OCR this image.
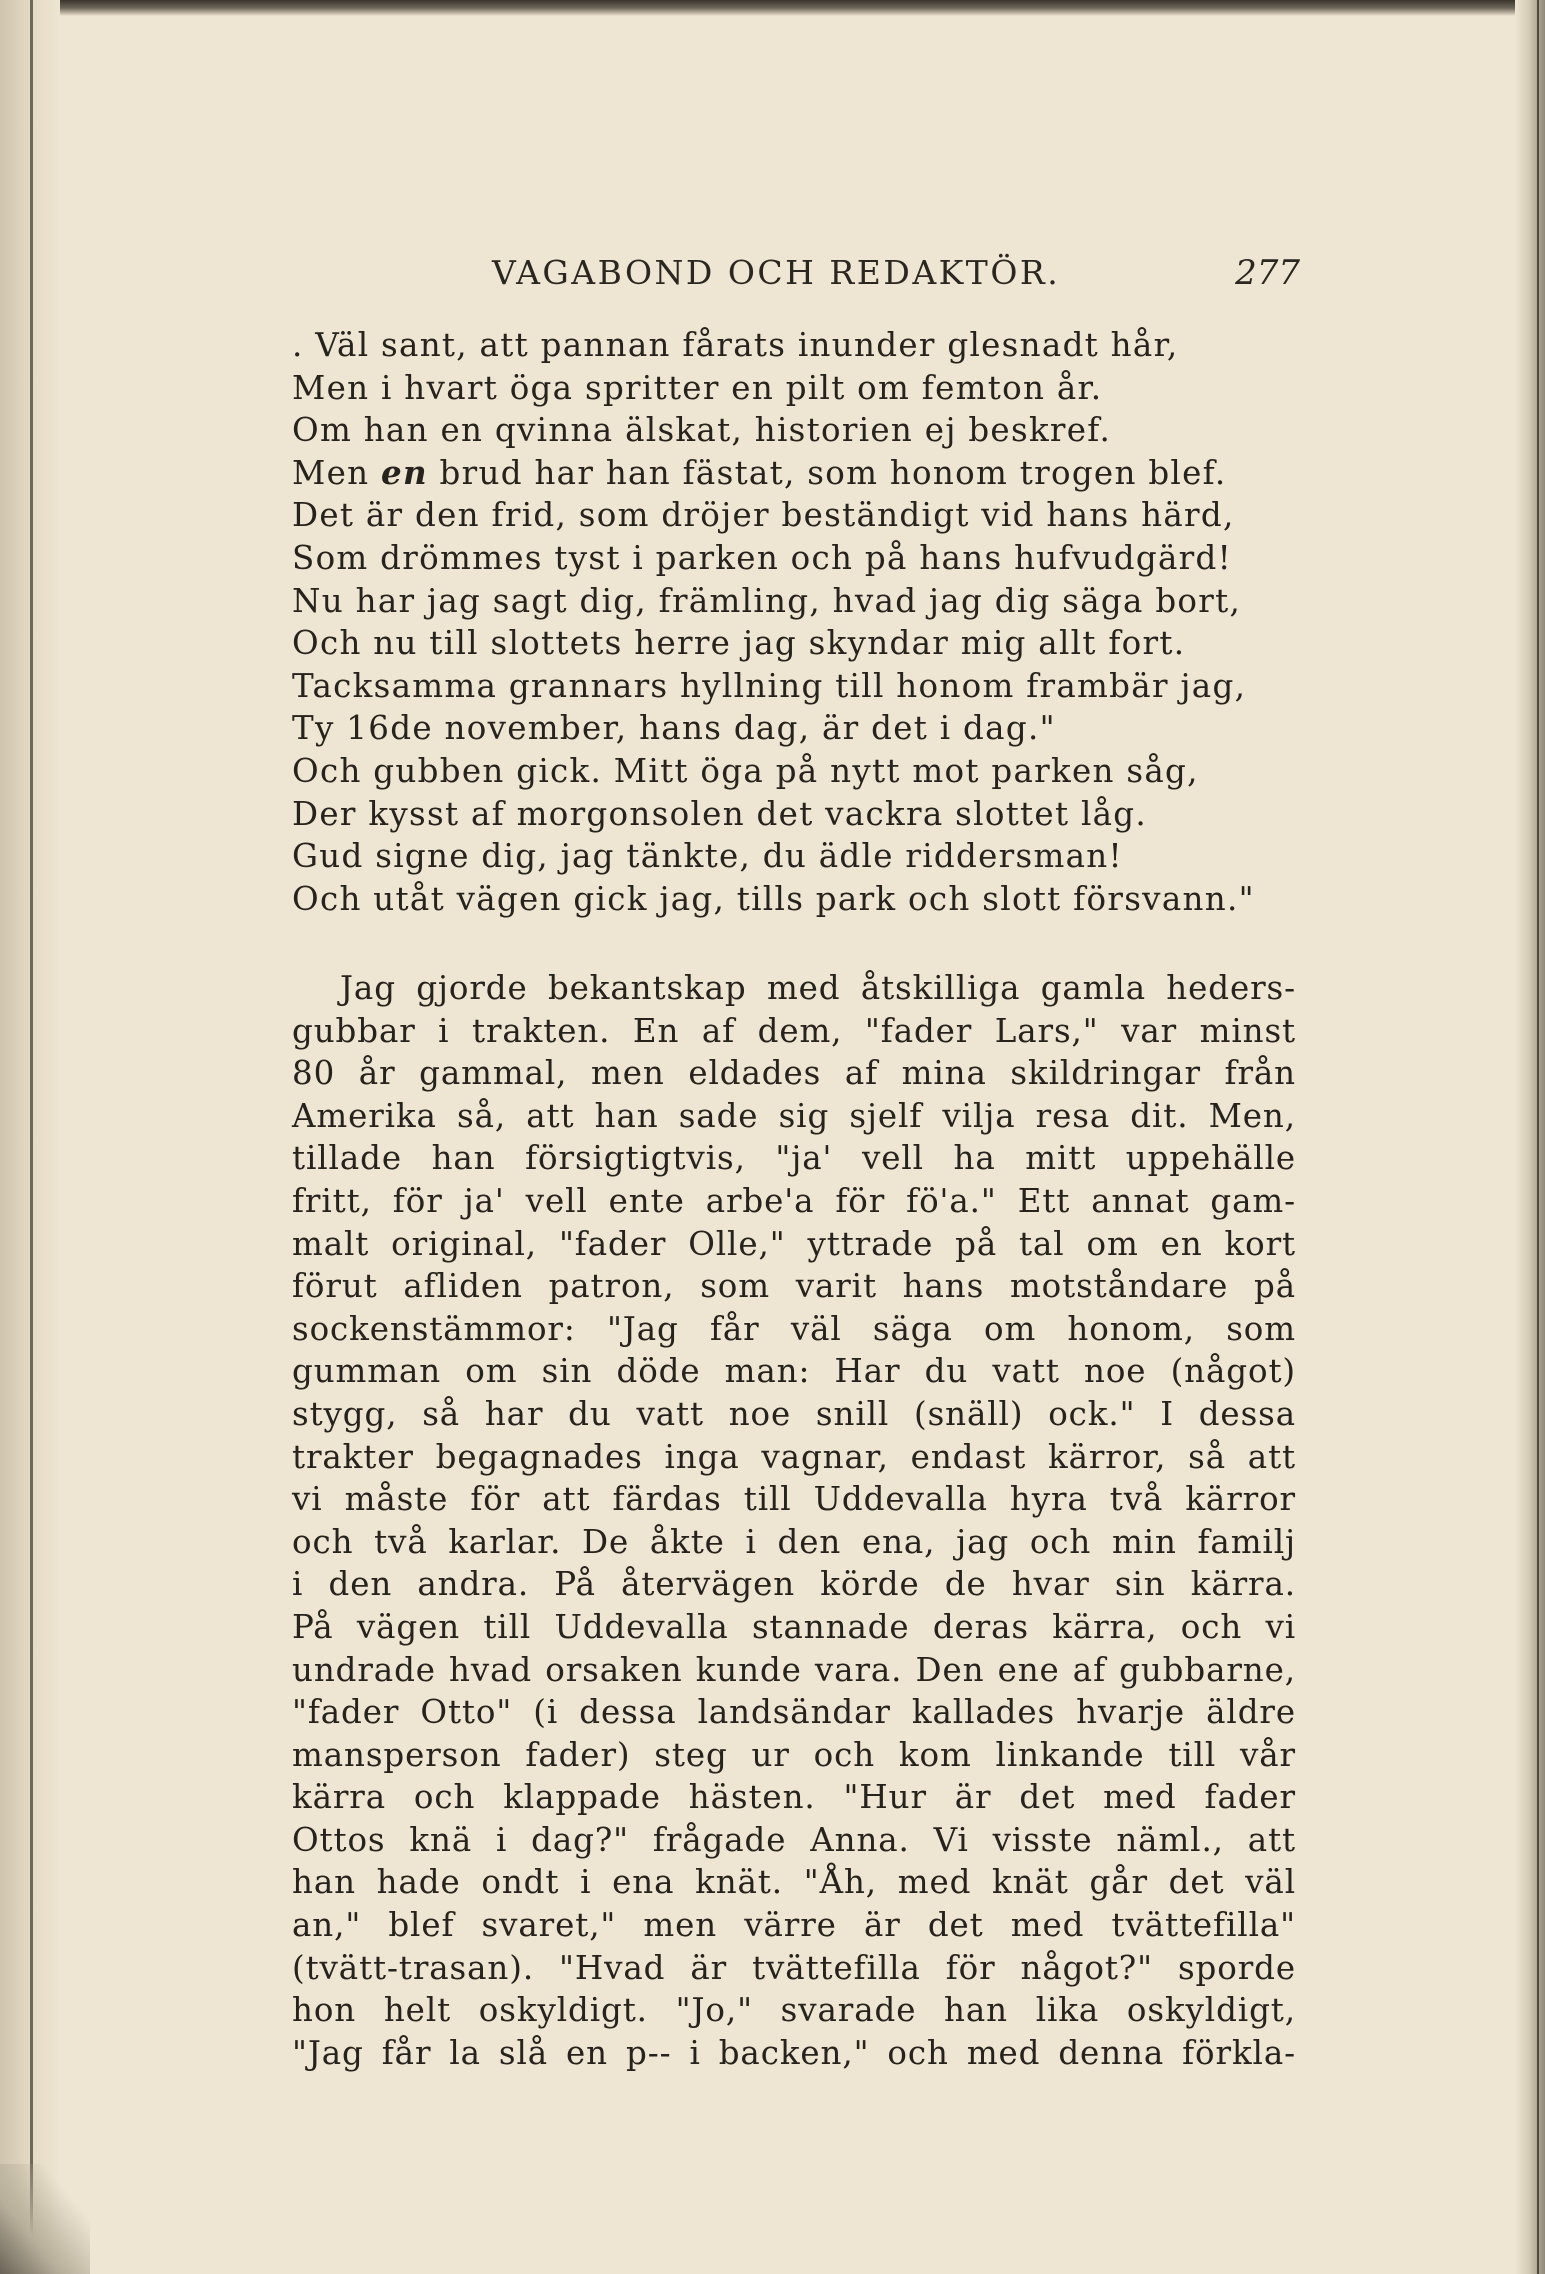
VAGABOND OCH REDAKTÖR.	277
. Väl sant, att pannan fårats inunder glesnadt hår,
Men i hvart öga spritter en pilt om femton år.
Om han en qvinna älskat, historien ej beskref.
Men en brud har han fästat, som honom trogen blef.
Det är den frid, som dröjer beständigt vid hans härd,
Som drömmes tyst i parken och på hans hufvudgärd!
Nu har jag sagt dig, främling, hvad jag dig säga bort,
Och nu till slottets herre jag skyndar mig allt fort.
Tacksamma grannars hyllning till honom frambär jag,
Ty 16de november, hans dag, är det i dag."
Och gubben gick. Mitt öga på nytt mot parken såg,
Der kysst af morgonsolen det vackra slottet låg.
Gud signe dig, jag tänkte, du ädle riddersman!
Och utåt vägen gick jag, tills park och slott försvann."
Jag gjorde bekantskap med åtskilliga gamla heders-
gubbar i trakten. En af dem, "fader Lars," var minst
80 år gammal, men eldades af mina skildringar från
Amerika så, att han sade sig sjelf vilja resa dit. Men,
tillade han försigtigtvis, "ja' vell ha mitt uppehälle
fritt, för ja' vell ente arbe'a för fö'a." Ett annat gam-
malt original, "fader Olle," yttrade på tal om en kort
förut afliden patron, som varit hans motståndare på
sockenstämmor: "Jag får väl säga om honom, som
gumman om sin döde man: Har du vatt noe (något)
stygg, så har du vatt noe snill (snäll) ock." I dessa
trakter begagnades inga vagnar, endast kärror, så att
vi måste för att färdas till Uddevalla hyra två kärror
och två karlar. De åkte i den ena, jag och min familj
i den andra. På återvägen körde de hvar sin kärra.
På vägen till Uddevalla stannade deras kärra, och vi
undrade hvad orsaken kunde vara. Den ene af gubbarne,
"fader Otto" (i dessa landsändar kallades hvarje äldre
mansperson fader) steg ur och kom linkande till vår
kärra och klappade hästen. "Hur är det med fader
Ottos knä i dag?" frågade Anna. Vi visste näml., att
han hade ondt i ena knät. "Åh, med knät går det väl
an," blef svaret," men värre är det med tvättefilla"
(tvätt-trasan). "Hvad är tvättefilla för något?" sporde
hon helt oskyldigt. "Jo," svarade han lika oskyldigt,
"Jag får la slå en p-- i backen," och med denna förkla-
